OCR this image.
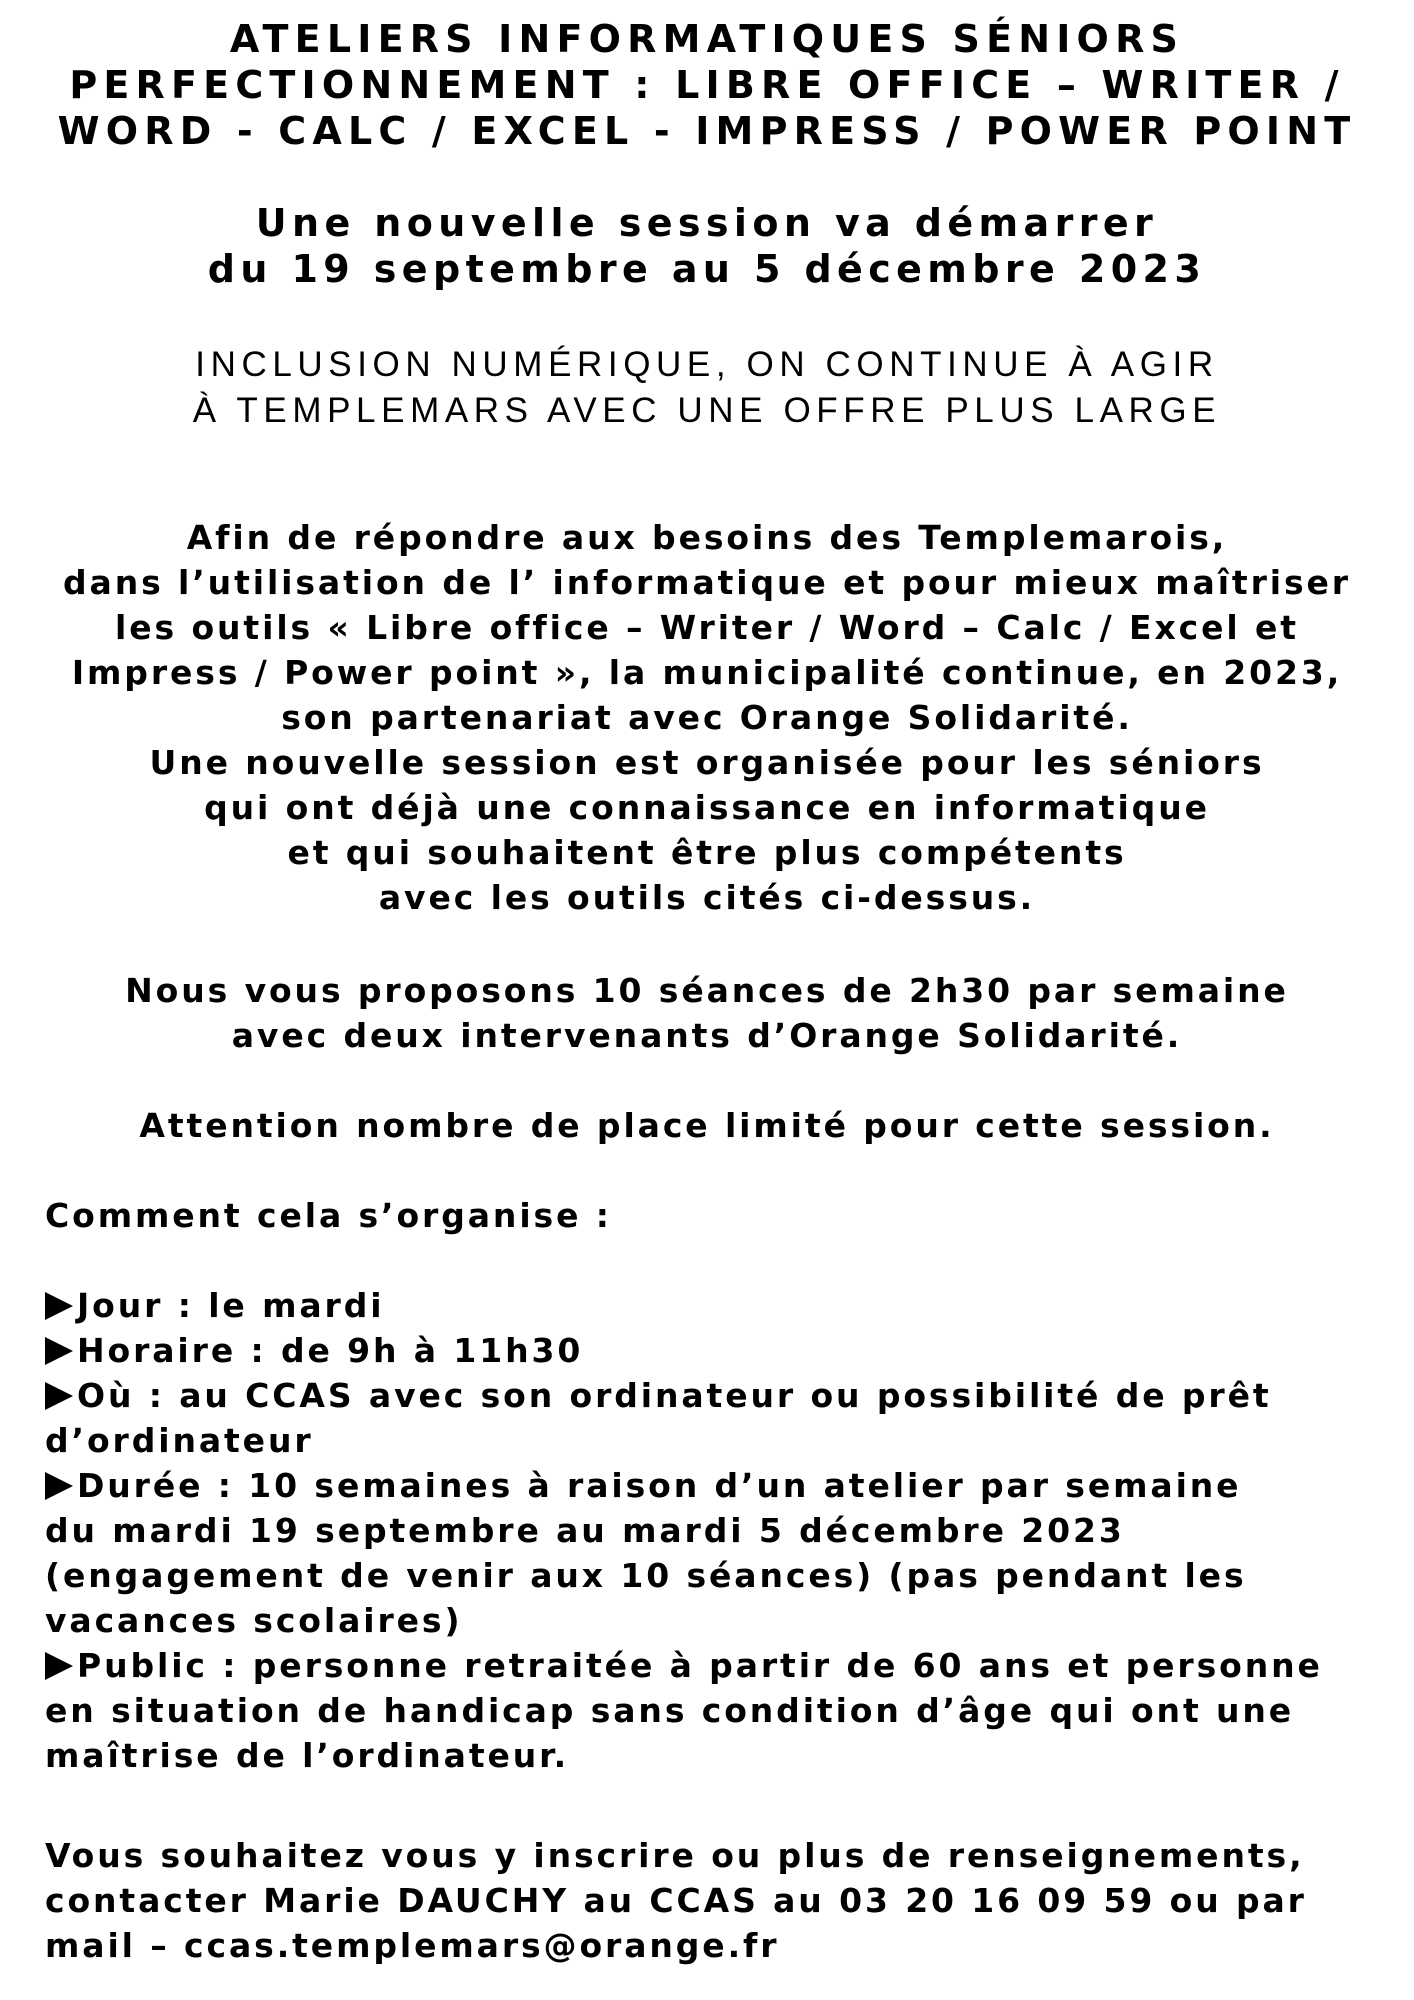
ATELIERS INFORMATIQUES SÉNIORS
PERFECTIONNEMENT : LIBRE OFFICE – WRITER /
WORD - CALC / EXCEL - IMPRESS / POWER POINT
Une nouvelle session va démarrer
du 19 septembre au 5 décembre 2023
INCLUSION NUMÉRIQUE, ON CONTINUE À AGIR
À TEMPLEMARS AVEC UNE OFFRE PLUS LARGE
Afin de répondre aux besoins des Templemarois,
dans l’utilisation de l’ informatique et pour mieux maîtriser
les outils « Libre office – Writer / Word – Calc / Excel et
Impress / Power point », la municipalité continue, en 2023,
son partenariat avec Orange Solidarité.
Une nouvelle session est organisée pour les séniors
qui ont déjà une connaissance en informatique
et qui souhaitent être plus compétents
avec les outils cités ci-dessus.
Nous vous proposons 10 séances de 2h30 par semaine
avec deux intervenants d’Orange Solidarité.
Attention nombre de place limité pour cette session.
Comment cela s’organise :
Jour : le mardi
Horaire : de 9h à 11h30
Où : au CCAS avec son ordinateur ou possibilité de prêt
d’ordinateur
Durée : 10 semaines à raison d’un atelier par semaine
du mardi 19 septembre au mardi 5 décembre 2023
(engagement de venir aux 10 séances) (pas pendant les
vacances scolaires)
Public : personne retraitée à partir de 60 ans et personne
en situation de handicap sans condition d’âge qui ont une
maîtrise de l’ordinateur.
Vous souhaitez vous y inscrire ou plus de renseignements,
contacter Marie DAUCHY au CCAS au 03 20 16 09 59 ou par
mail – ccas.templemars@orange.fr
